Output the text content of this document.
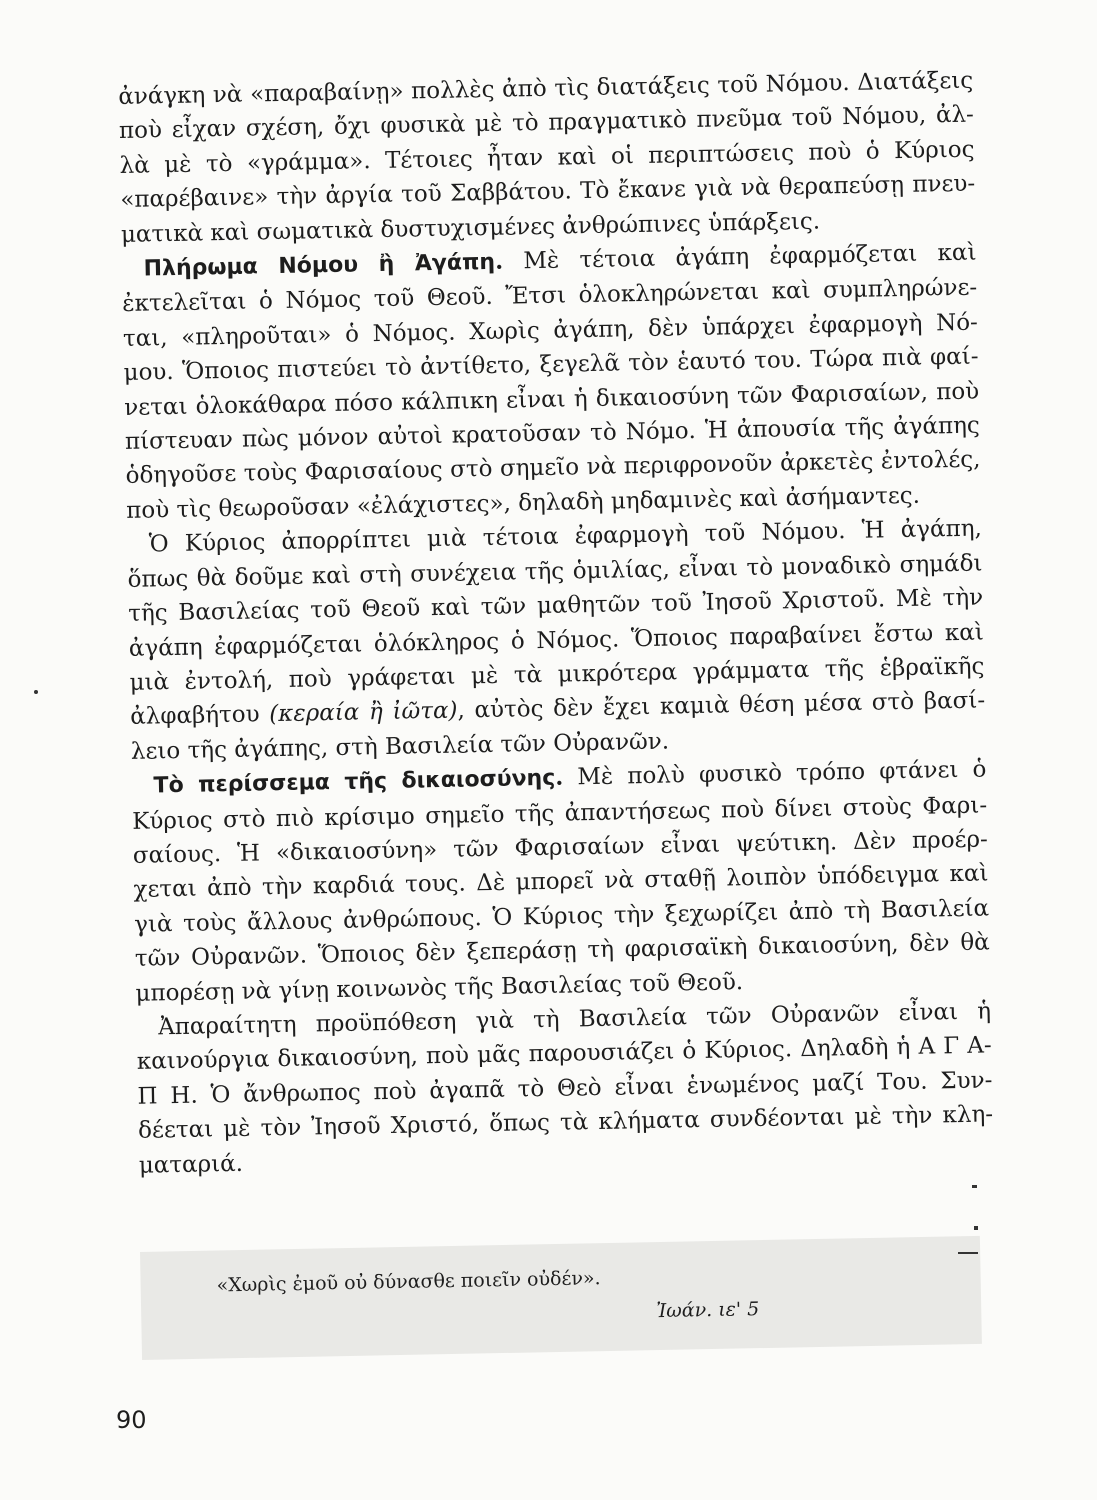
ἀνάγκη νὰ «παραβαίνῃ» πολλὲς ἀπὸ τὶς διατάξεις τοῦ Νόμου. Διατάξεις
ποὺ εἶχαν σχέση, ὄχι φυσικὰ μὲ τὸ πραγματικὸ πνεῦμα τοῦ Νόμου, ἀλ-
λὰ μὲ τὸ «γράμμα». Τέτοιες ἦταν καὶ οἱ περιπτώσεις ποὺ ὁ Κύριος
«παρέβαινε» τὴν ἀργία τοῦ Σαββάτου. Τὸ ἔκανε γιὰ νὰ θεραπεύσῃ πνευ-
ματικὰ καὶ σωματικὰ δυστυχισμένες ἀνθρώπινες ὑπάρξεις.
Πλήρωμα Νόμου ἢ Ἀγάπη. Μὲ τέτοια ἀγάπη ἐφαρμόζεται καὶ
ἐκτελεῖται ὁ Νόμος τοῦ Θεοῦ. Ἔτσι ὁλοκληρώνεται καὶ συμπληρώνε-
ται, «πληροῦται» ὁ Νόμος. Χωρὶς ἀγάπη, δὲν ὑπάρχει ἐφαρμογὴ Νό-
μου. Ὅποιος πιστεύει τὸ ἀντίθετο, ξεγελᾶ τὸν ἑαυτό του. Τώρα πιὰ φαί-
νεται ὁλοκάθαρα πόσο κάλπικη εἶναι ἡ δικαιοσύνη τῶν Φαρισαίων, ποὺ
πίστευαν πὼς μόνον αὐτοὶ κρατοῦσαν τὸ Νόμο. Ἡ ἀπουσία τῆς ἀγάπης
ὁδηγοῦσε τοὺς Φαρισαίους στὸ σημεῖο νὰ περιφρονοῦν ἀρκετὲς ἐντολές,
ποὺ τὶς θεωροῦσαν «ἐλάχιστες», δηλαδὴ μηδαμινὲς καὶ ἀσήμαντες.
Ὁ Κύριος ἀπορρίπτει μιὰ τέτοια ἐφαρμογὴ τοῦ Νόμου. Ἡ ἀγάπη,
ὅπως θὰ δοῦμε καὶ στὴ συνέχεια τῆς ὁμιλίας, εἶναι τὸ μοναδικὸ σημάδι
τῆς Βασιλείας τοῦ Θεοῦ καὶ τῶν μαθητῶν τοῦ Ἰησοῦ Χριστοῦ. Μὲ τὴν
ἀγάπη ἐφαρμόζεται ὁλόκληρος ὁ Νόμος. Ὅποιος παραβαίνει ἔστω καὶ
μιὰ ἐντολή, ποὺ γράφεται μὲ τὰ μικρότερα γράμματα τῆς ἑβραϊκῆς
ἀλφαβήτου (κεραία ἢ ἰῶτα), αὐτὸς δὲν ἔχει καμιὰ θέση μέσα στὸ βασί-
λειο τῆς ἀγάπης, στὴ Βασιλεία τῶν Οὐρανῶν.
Τὸ περίσσεμα τῆς δικαιοσύνης. Μὲ πολὺ φυσικὸ τρόπο φτάνει ὁ
Κύριος στὸ πιὸ κρίσιμο σημεῖο τῆς ἀπαντήσεως ποὺ δίνει στοὺς Φαρι-
σαίους. Ἡ «δικαιοσύνη» τῶν Φαρισαίων εἶναι ψεύτικη. Δὲν προέρ-
χεται ἀπὸ τὴν καρδιά τους. Δὲ μπορεῖ νὰ σταθῇ λοιπὸν ὑπόδειγμα καὶ
γιὰ τοὺς ἄλλους ἀνθρώπους. Ὁ Κύριος τὴν ξεχωρίζει ἀπὸ τὴ Βασιλεία
τῶν Οὐρανῶν. Ὅποιος δὲν ξεπεράσῃ τὴ φαρισαϊκὴ δικαιοσύνη, δὲν θὰ
μπορέσῃ νὰ γίνῃ κοινωνὸς τῆς Βασιλείας τοῦ Θεοῦ.
Ἀπαραίτητη προϋπόθεση γιὰ τὴ Βασιλεία τῶν Οὐρανῶν εἶναι ἡ
καινούργια δικαιοσύνη, ποὺ μᾶς παρουσιάζει ὁ Κύριος. Δηλαδὴ ἡ Α Γ Α-
Π Η. Ὁ ἄνθρωπος ποὺ ἀγαπᾶ τὸ Θεὸ εἶναι ἑνωμένος μαζί Του. Συν-
δέεται μὲ τὸν Ἰησοῦ Χριστό, ὅπως τὰ κλήματα συνδέονται μὲ τὴν κλη-
ματαριά.
«Χωρὶς ἐμοῦ οὐ δύνασθε ποιεῖν οὐδέν».
Ἰωάν. ιε' 5
90
